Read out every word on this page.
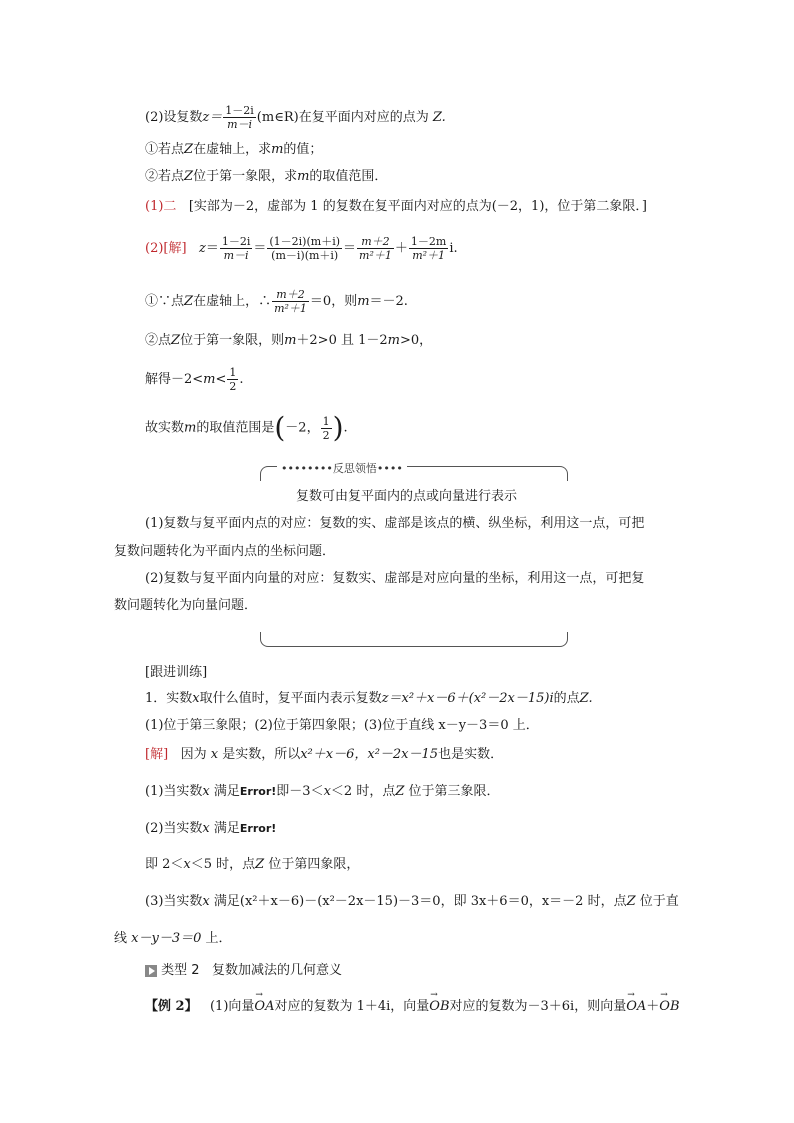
(2)设复数$z= \frac{1-2i}{m-i}$ (m∈R)在复平面内对应的点为 Z.
①若点Z在虚轴上，求m的值；
②若点Z位于第一象限，求m的取值范围．
(1)二 [实部为－2，虚部为 1 的复数在复平面内对应的点为(－2，1)，位于第二象限．]
(2)[解] $z= \frac{1-2i}{m-i} = \frac{(1-2i)(m+i)}{(m-i)(m+i)} = \frac{m+2}{\text{m²＋1}} + \frac{1-2m}{\text{m²＋1}} i$.
①∵点Z在虚轴上，∴ $\frac{m+2}{\text{m²＋1}} =0$，则m＝－2.
②点Z位于第一象限，则m＋2>0 且 1－2m>0，
解得$-2<m< \frac{1}{2}$ .
故实数m的取值范围是(－2， $\frac{1}{2}$ ).
••••••••反思领悟••••
复数可由复平面内的点或向量进行表示
(1)复数与复平面内点的对应：复数的实、虚部是该点的横、纵坐标，利用这一点，可把
复数问题转化为平面内点的坐标问题．
(2)复数与复平面内向量的对应：复数实、虚部是对应向量的坐标，利用这一点，可把复
数问题转化为向量问题．
[跟进训练]
1．实数x取什么值时，复平面内表示复数z＝x²＋x－6＋(x²－2x－15)i的点Z.
(1)位于第三象限；(2)位于第四象限；(3)位于直线 x－y－3＝0 上．
[解] 因为 x 是实数，所以x²＋x－6，x²－2x－15也是实数．
(1)当实数x 满足Error!即－3＜x＜2 时，点Z 位于第三象限．
(2)当实数x 满足Error!
即 2＜x＜5 时，点Z 位于第四象限，
(3)当实数x 满足(x²＋x－6)－(x²－2x－15)－3＝0，即 3x＋6＝0，x＝－2 时，点Z 位于直
线 x－y－3＝0 上．
类型 2 复数加减法的几何意义
【例 2】 (1)向量→ OA对应的复数为 1＋4i，向量→ OB对应的复数为－3＋6i，则向量→ OA＋→ OB
